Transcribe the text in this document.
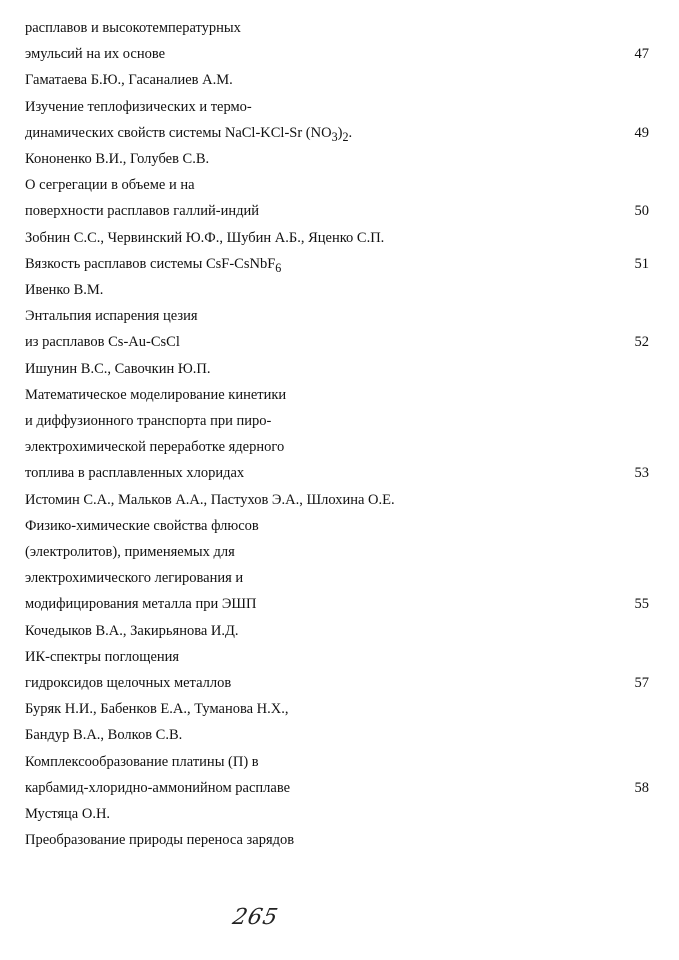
расплавов и высокотемпературных
эмульсий на их основе	47
Гаматаева Б.Ю., Гасаналиев А.М.
Изучение теплофизических и термо-
динамических свойств системы NaCl-KCl-Sr $(NO_3)_2$.	49
Кононенко В.И., Голубев С.В.
О сегрегации в объеме и на
поверхности расплавов галлий-индий	50
Зобнин С.С., Червинский Ю.Ф., Шубин А.Б., Яценко С.П.
Вязкость расплавов системы CsF-CsNbF$_6$	51
Ивенко В.М.
Энтальпия испарения цезия
из расплавов Cs-Au-CsCl	52
Ишунин В.С., Савочкин Ю.П.
Математическое моделирование кинетики
и диффузионного транспорта при пиро-
электрохимической переработке ядерного
топлива в расплавленных хлоридах	53
Истомин С.А., Мальков А.А., Пастухов Э.А., Шлохина О.Е.
Физико-химические свойства флюсов
(электролитов), применяемых для
электрохимического легирования и
модифицирования металла при ЭШП	55
Кочедыков В.А., Закирьянова И.Д.
ИК-спектры поглощения
гидроксидов щелочных металлов	57
Буряк Н.И., Бабенков Е.А., Туманова Н.Х.,
Бандур В.А., Волков С.В.
Комплексообразование платины (П) в
карбамид-хлоридно-аммонийном расплаве	58
Мустяца О.Н.
Преобразование природы переноса зарядов
265
